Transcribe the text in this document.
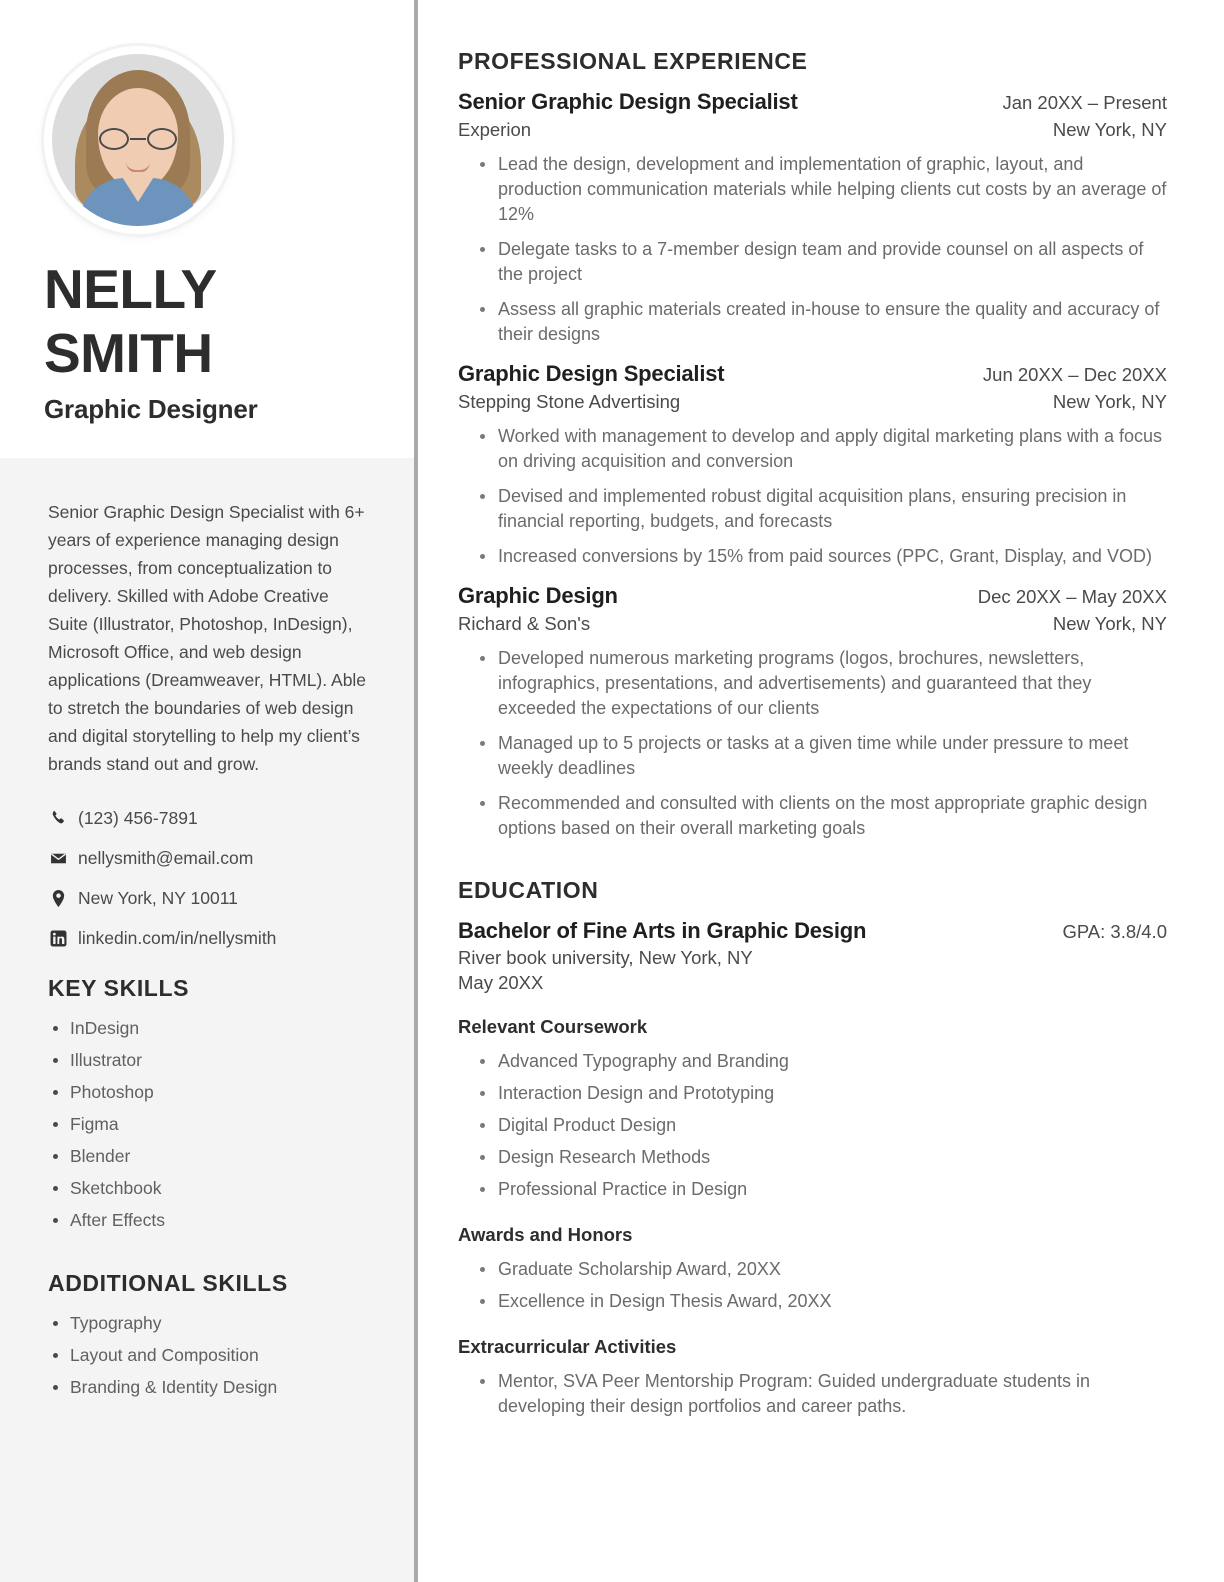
NELLY
SMITH
Graphic Designer

Senior Graphic Design Specialist with 6+ years of experience managing design processes, from conceptualization to delivery. Skilled with Adobe Creative Suite (Illustrator, Photoshop, InDesign), Microsoft Office, and web design applications (Dreamweaver, HTML). Able to stretch the boundaries of web design and digital storytelling to help my client’s brands stand out and grow.

(123) 456-7891
nellysmith@email.com
New York, NY 10011
linkedin.com/in/nellysmith
KEY SKILLS
InDesign
Illustrator
Photoshop
Figma
Blender
Sketchbook
After Effects
ADDITIONAL SKILLS
Typography
Layout and Composition
Branding & Identity Design
PROFESSIONAL EXPERIENCE
Senior Graphic Design Specialist	Jan 20XX – Present
Experion	New York, NY
Lead the design, development and implementation of graphic, layout, and production communication materials while helping clients cut costs by an average of 12%
Delegate tasks to a 7-member design team and provide counsel on all aspects of the project
Assess all graphic materials created in-house to ensure the quality and accuracy of their designs
Graphic Design Specialist	Jun 20XX – Dec 20XX
Stepping Stone Advertising	New York, NY
Worked with management to develop and apply digital marketing plans with a focus on driving acquisition and conversion
Devised and implemented robust digital acquisition plans, ensuring precision in financial reporting, budgets, and forecasts
Increased conversions by 15% from paid sources (PPC, Grant, Display, and VOD)
Graphic Design	Dec 20XX – May 20XX
Richard & Son's	New York, NY
Developed numerous marketing programs (logos, brochures, newsletters, infographics, presentations, and advertisements) and guaranteed that they exceeded the expectations of our clients
Managed up to 5 projects or tasks at a given time while under pressure to meet weekly deadlines
Recommended and consulted with clients on the most appropriate graphic design options based on their overall marketing goals
EDUCATION
Bachelor of Fine Arts in Graphic Design	GPA: 3.8/4.0
River book university, New York, NY
May 20XX
Relevant Coursework
Advanced Typography and Branding
Interaction Design and Prototyping
Digital Product Design
Design Research Methods
Professional Practice in Design
Awards and Honors
Graduate Scholarship Award, 20XX
Excellence in Design Thesis Award, 20XX
Extracurricular Activities
Mentor, SVA Peer Mentorship Program: Guided undergraduate students in developing their design portfolios and career paths.
